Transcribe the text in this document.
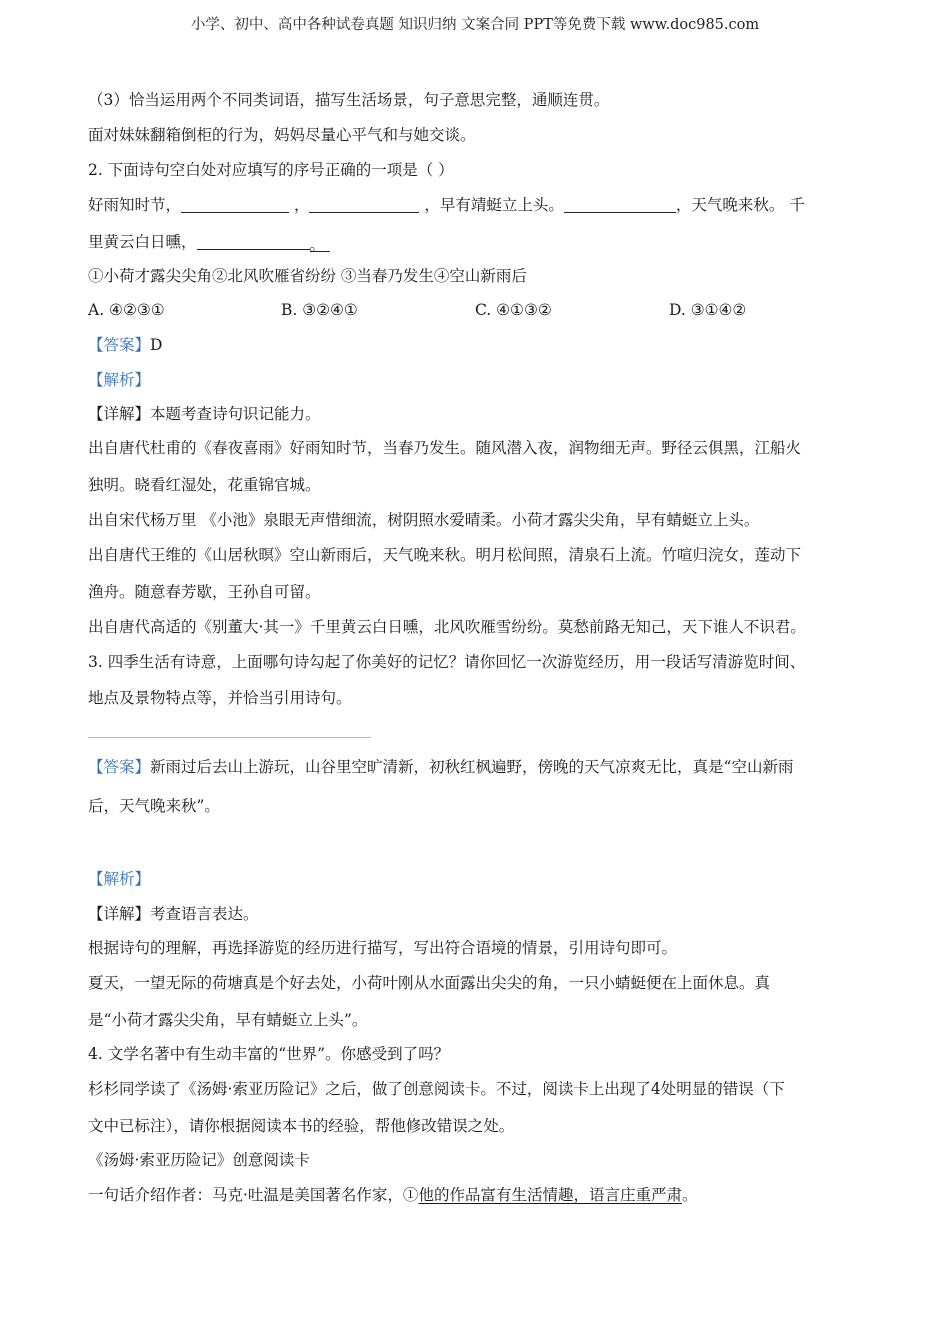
小学、初中、高中各种试卷真题 知识归纳 文案合同 PPT等免费下载 www.doc985.com
（3）恰当运用两个不同类词语，描写生活场景，句子意思完整，通顺连贯。
面对妹妹翻箱倒柜的行为，妈妈尽量心平气和与她交谈。
2. 下面诗句空白处对应填写的序号正确的一项是（ ）
好雨知时节，	，	，早有靖蜓立上头。	，天气晚来秋。 千
里黄云白日曛，	。
①小荷才露尖尖角②北风吹雁省纷纷 ③当春乃发生④空山新雨后
A. ④②③①	B. ③②④①	C. ④①③②	D. ③①④②
【答案】D
【解析】
【详解】本题考查诗句识记能力。
出自唐代杜甫的《春夜喜雨》好雨知时节，当春乃发生。随风潜入夜，润物细无声。野径云俱黑，江船火
独明。晓看红湿处，花重锦官城。
出自宋代杨万里 《小池》泉眼无声惜细流，树阴照水爱晴柔。小荷才露尖尖角，早有蜻蜓立上头。
出自唐代王维的《山居秋暝》空山新雨后，天气晚来秋。明月松间照，清泉石上流。竹喧归浣女，莲动下
渔舟。随意春芳歇，王孙自可留。
出自唐代高适的《别董大·其一》千里黄云白日曛，北风吹雁雪纷纷。莫愁前路无知己，天下谁人不识君。
3. 四季生活有诗意，上面哪句诗勾起了你美好的记忆？请你回忆一次游览经历，用一段话写清游览时间、
地点及景物特点等，并恰当引用诗句。
【答案】新雨过后去山上游玩，山谷里空旷清新，初秋红枫遍野，傍晚的天气凉爽无比，真是“空山新雨
后，天气晚来秋”。
【解析】
【详解】考查语言表达。
根据诗句的理解，再选择游览的经历进行描写，写出符合语境的情景，引用诗句即可。
夏天，一望无际的荷塘真是个好去处，小荷叶刚从水面露出尖尖的角，一只小蜻蜓便在上面休息。真
是“小荷才露尖尖角，早有蜻蜓立上头”。
4. 文学名著中有生动丰富的“世界”。你感受到了吗？
杉杉同学读了《汤姆·索亚历险记》之后，做了创意阅读卡。不过，阅读卡上出现了4处明显的错误（下
文中已标注），请你根据阅读本书的经验，帮他修改错误之处。
《汤姆·索亚历险记》创意阅读卡
一句话介绍作者：马克·吐温是美国著名作家，①他的作品富有生活情趣，语言庄重严肃。
